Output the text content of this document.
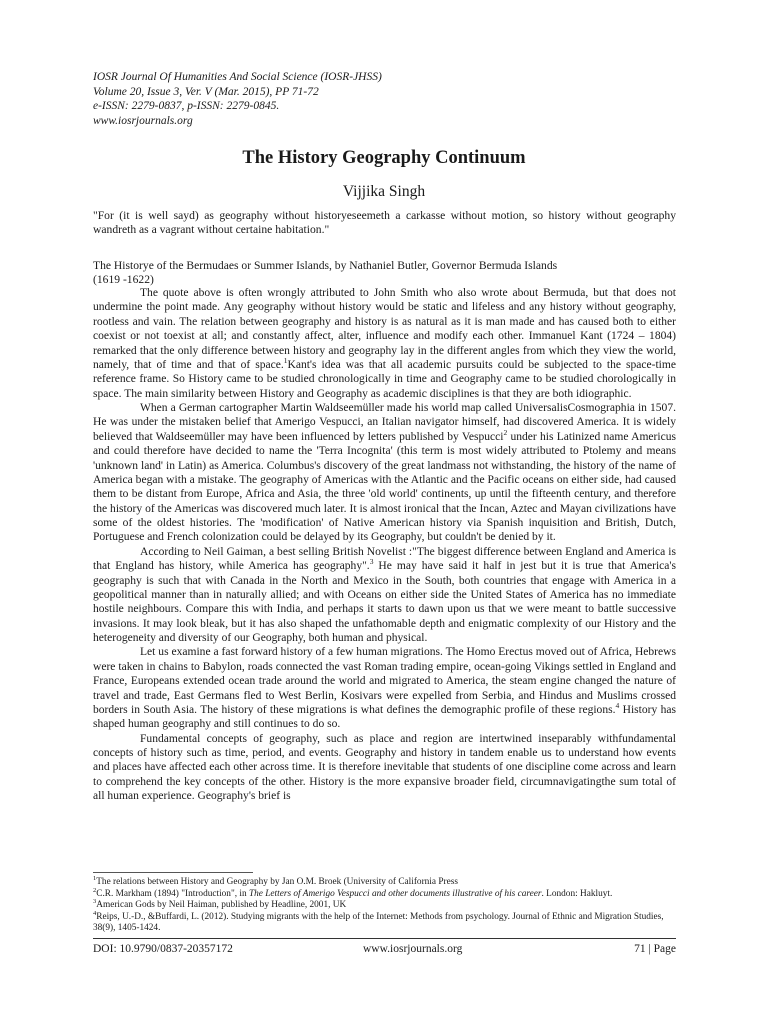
IOSR Journal Of Humanities And Social Science (IOSR-JHSS)
Volume 20, Issue 3, Ver. V (Mar. 2015), PP 71-72
e-ISSN: 2279-0837, p-ISSN: 2279-0845.
www.iosrjournals.org
The History Geography Continuum
Vijjika Singh

"For (it is well sayd) as geography without historyeseemeth a carkasse without motion, so history without geography wandreth as a vagrant without certaine habitation."

The Historye of the Bermudaes or Summer Islands, by Nathaniel Butler, Governor Bermuda Islands
(1619 -1622)

The quote above is often wrongly attributed to John Smith who also wrote about Bermuda, but that does not undermine the point made. Any geography without history would be static and lifeless and any history without geography, rootless and vain. The relation between geography and history is as natural as it is man made and has caused both to either coexist or not toexist at all; and constantly affect, alter, influence and modify each other. Immanuel Kant (1724 – 1804) remarked that the only difference between history and geography lay in the different angles from which they view the world, namely, that of time and that of space.$^1$Kant's idea was that all academic pursuits could be subjected to the space-time reference frame. So History came to be studied chronologically in time and Geography came to be studied chorologically in space. The main similarity between History and Geography as academic disciplines is that they are both idiographic.

When a German cartographer Martin Waldseemüller made his world map called UniversalisCosmographia in 1507. He was under the mistaken belief that Amerigo Vespucci, an Italian navigator himself, had discovered America. It is widely believed that Waldseemüller may have been influenced by letters published by Vespucci$^2$ under his Latinized name Americus and could therefore have decided to name the 'Terra Incognita' (this term is most widely attributed to Ptolemy and means 'unknown land' in Latin) as America. Columbus's discovery of the great landmass not withstanding, the history of the name of America began with a mistake. The geography of Americas with the Atlantic and the Pacific oceans on either side, had caused them to be distant from Europe, Africa and Asia, the three 'old world' continents, up until the fifteenth century, and therefore the history of the Americas was discovered much later. It is almost ironical that the Incan, Aztec and Mayan civilizations have some of the oldest histories. The 'modification' of Native American history via Spanish inquisition and British, Dutch, Portuguese and French colonization could be delayed by its Geography, but couldn't be denied by it.

According to Neil Gaiman, a best selling British Novelist :"The biggest difference between England and America is that England has history, while America has geography".$^3$ He may have said it half in jest but it is true that America's geography is such that with Canada in the North and Mexico in the South, both countries that engage with America in a geopolitical manner than in naturally allied; and with Oceans on either side the United States of America has no immediate hostile neighbours. Compare this with India, and perhaps it starts to dawn upon us that we were meant to battle successive invasions. It may look bleak, but it has also shaped the unfathomable depth and enigmatic complexity of our History and the heterogeneity and diversity of our Geography, both human and physical.

Let us examine a fast forward history of a few human migrations. The Homo Erectus moved out of Africa, Hebrews were taken in chains to Babylon, roads connected the vast Roman trading empire, ocean-going Vikings settled in England and France, Europeans extended ocean trade around the world and migrated to America, the steam engine changed the nature of travel and trade, East Germans fled to West Berlin, Kosivars were expelled from Serbia, and Hindus and Muslims crossed borders in South Asia. The history of these migrations is what defines the demographic profile of these regions.$^4$ History has shaped human geography and still continues to do so.

Fundamental concepts of geography, such as place and region are intertwined inseparably withfundamental concepts of history such as time, period, and events. Geography and history in tandem enable us to understand how events and places have affected each other across time. It is therefore inevitable that students of one discipline come across and learn to comprehend the key concepts of the other. History is the more expansive broader field, circumnavigatingthe sum total of all human experience. Geography's brief is

$^1$The relations between History and Geography by Jan O.M. Broek (University of California Press
$^2$C.R. Markham (1894) "Introduction", in The Letters of Amerigo Vespucci and other documents illustrative of his career. London: Hakluyt.
$^3$American Gods by Neil Haiman, published by Headline, 2001, UK
$^4$Reips, U.-D., &Buffardi, L. (2012). Studying migrants with the help of the Internet: Methods from psychology. Journal of Ethnic and Migration Studies, 38(9), 1405-1424.
DOI: 10.9790/0837-20357172	www.iosrjournals.org	71 | Page
